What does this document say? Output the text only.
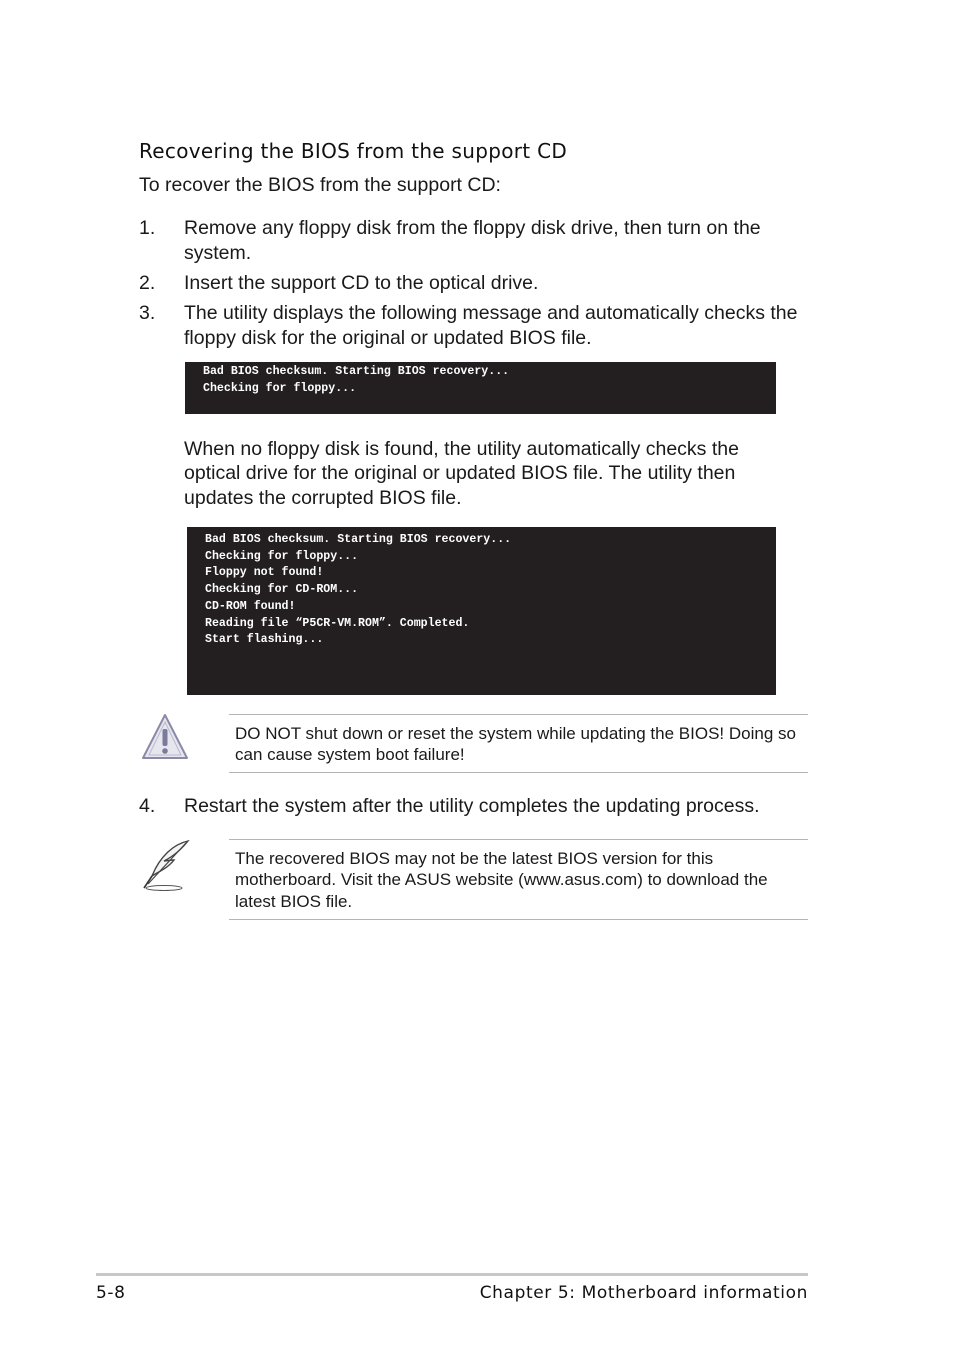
Recovering the BIOS from the support CD
To recover the BIOS from the support CD:
1.	Remove any floppy disk from the floppy disk drive, then turn on the system.
2.	Insert the support CD to the optical drive.
3.	The utility displays the following message and automatically checks the floppy disk for the original or updated BIOS file.
Bad BIOS checksum. Starting BIOS recovery...
Checking for floppy...
When no floppy disk is found, the utility automatically checks the optical drive for the original or updated BIOS file. The utility then updates the corrupted BIOS file.
Bad BIOS checksum. Starting BIOS recovery...
Checking for floppy...
Floppy not found!
Checking for CD-ROM...
CD-ROM found!
Reading file “P5CR-VM.ROM”. Completed.
Start flashing...
DO NOT shut down or reset the system while updating the BIOS! Doing so can cause system boot failure!
4.	Restart the system after the utility completes the updating process.
The recovered BIOS may not be the latest BIOS version for this motherboard. Visit the ASUS website (www.asus.com) to download the latest BIOS file.
5-8	Chapter 5: Motherboard information
